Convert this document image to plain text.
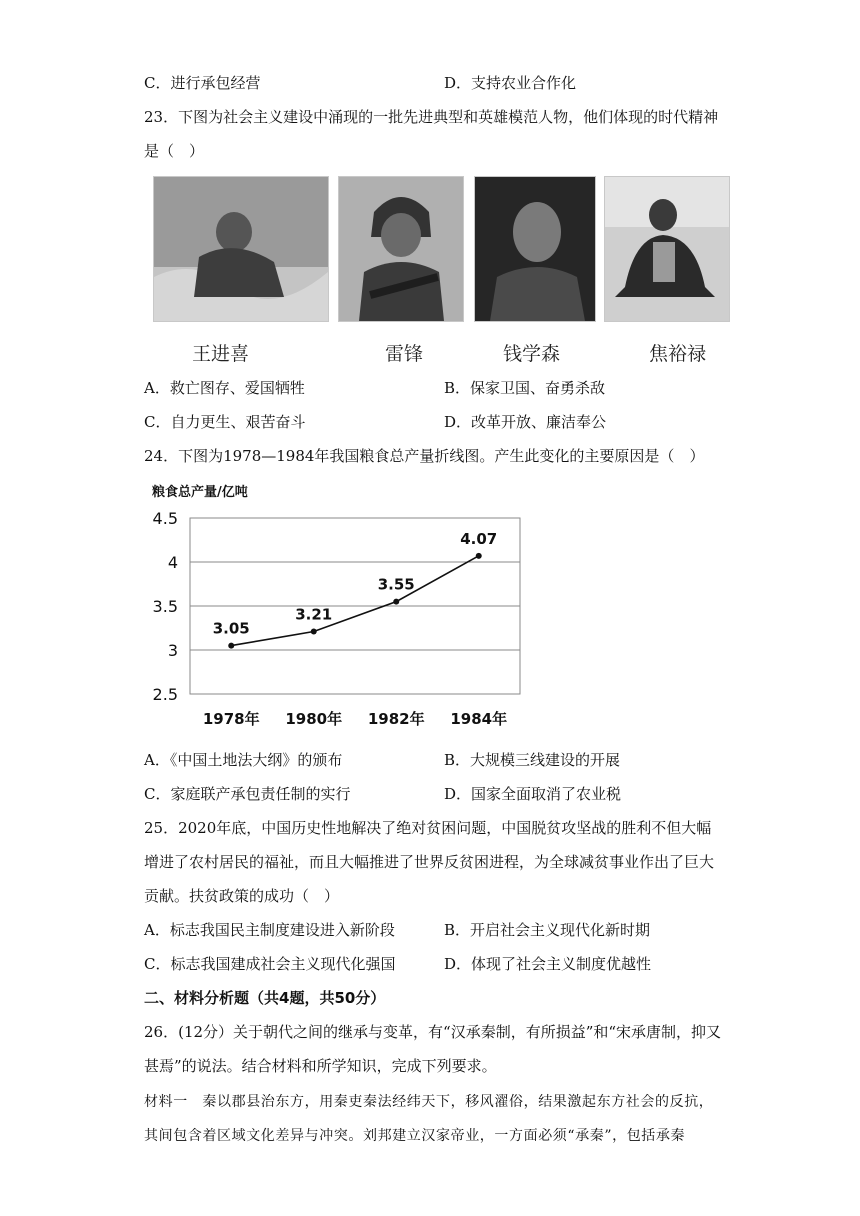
C．进行承包经营	D．支持农业合作化
23．下图为社会主义建设中涌现的一批先进典型和英雄模范人物，他们体现的时代精神
是（　）
王进喜	雷锋	钱学森	焦裕禄
A．救亡图存、爱国牺牲	B．保家卫国、奋勇杀敌
C．自力更生、艰苦奋斗	D．改革开放、廉洁奉公
24．下图为1978—1984年我国粮食总产量折线图。产生此变化的主要原因是（　）
粮食总产量/亿吨
4.5
4
3.5
3
2.5
1978年 1980年 1982年 1984年
3.05
3.21
3.55
4.07
A．《中国土地法大纲》的颁布	B．大规模三线建设的开展
C．家庭联产承包责任制的实行	D．国家全面取消了农业税
25．2020年底，中国历史性地解决了绝对贫困问题，中国脱贫攻坚战的胜利不但大幅
增进了农村居民的福祉，而且大幅推进了世界反贫困进程，为全球减贫事业作出了巨大
贡献。扶贫政策的成功（　）
A．标志我国民主制度建设进入新阶段	B．开启社会主义现代化新时期
C．标志我国建成社会主义现代化强国	D．体现了社会主义制度优越性
二、材料分析题（共4题，共50分）
26．(12分）关于朝代之间的继承与变革，有“汉承秦制，有所损益”和“宋承唐制，抑又
甚焉”的说法。结合材料和所学知识，完成下列要求。
材料一　秦以郡县治东方，用秦吏秦法经纬天下，移风濯俗，结果激起东方社会的反抗，
其间包含着区域文化差异与冲突。刘邦建立汉家帝业，一方面必须“承秦”，包括承秦
